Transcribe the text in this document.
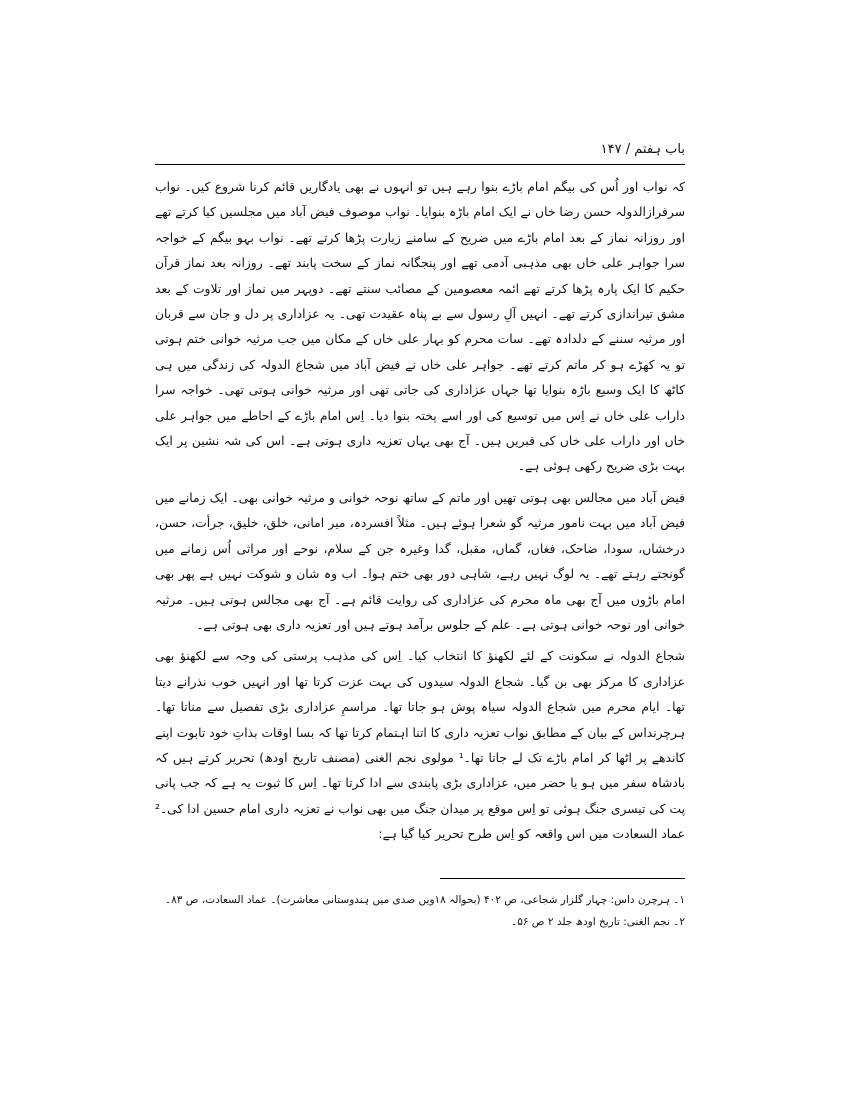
باب ہفتم / ۱۴۷

کہ نواب اور اُس کی بیگم امام باڑے بنوا رہے ہیں تو انہوں نے بھی یادگاریں قائم کرنا شروع کیں۔ نواب سرفرازالدولہ حسن رضا خاں نے ایک امام باڑہ بنوایا۔ نواب موصوف فیض آباد میں مجلسیں کیا کرتے تھے اور روزانہ نماز کے بعد امام باڑے میں ضریح کے سامنے زیارت پڑھا کرتے تھے۔ نواب بہو بیگم کے خواجہ سرا جواہر علی خاں بھی مذہبی آدمی تھے اور پنجگانہ نماز کے سخت پابند تھے۔ روزانہ بعد نماز قرآن حکیم کا ایک پارہ پڑھا کرتے تھے ائمہ معصومین کے مصائب سنتے تھے۔ دوپہر میں نماز اور تلاوت کے بعد مشق تیراندازی کرتے تھے۔ انہیں آلِ رسول سے بے پناہ عقیدت تھی۔ یہ عزاداری پر دل و جان سے قربان اور مرثیہ سننے کے دلدادہ تھے۔ سات محرم کو بہار علی خاں کے مکان میں جب مرثیہ خوانی ختم ہوتی تو یہ کھڑے ہو کر ماتم کرتے تھے۔ جواہر علی خاں نے فیض آباد میں شجاع الدولہ کی زندگی میں ہی کاٹھ کا ایک وسیع باڑہ بنوایا تھا جہاں عزاداری کی جاتی تھی اور مرثیہ خوانی ہوتی تھی۔ خواجہ سرا داراب علی خاں نے اِس میں توسیع کی اور اسے پختہ بنوا دیا۔ اِس امام باڑے کے احاطے میں جواہر علی خاں اور داراب علی خاں کی قبریں ہیں۔ آج بھی یہاں تعزیہ داری ہوتی ہے۔ اس کی شہ نشین پر ایک بہت بڑی ضریح رکھی ہوئی ہے۔

فیض آباد میں مجالس بھی ہوتی تھیں اور ماتم کے ساتھ نوحہ خوانی و مرثیہ خوانی بھی۔ ایک زمانے میں فیض آباد میں بہت نامور مرثیہ گو شعرا ہوئے ہیں۔ مثلاً افسردہ، میر امانی، خلق، خلیق، جرأت، حسن، درخشاں، سودا، ضاحک، فغاں، گماں، مقبل، گدا وغیرہ جن کے سلام، نوحے اور مراثی اُس زمانے میں گونجتے رہتے تھے۔ یہ لوگ نہیں رہے، شاہی دور بھی ختم ہوا۔ اب وہ شان و شوکت نہیں ہے پھر بھی امام باڑوں میں آج بھی ماہ محرم کی عزاداری کی روایت قائم ہے۔ آج بھی مجالس ہوتی ہیں۔ مرثیہ خوانی اور نوحہ خوانی ہوتی ہے۔ علم کے جلوس برآمد ہوتے ہیں اور تعزیہ داری بھی ہوتی ہے۔

شجاع الدولہ نے سکونت کے لئے لکھنؤ کا انتخاب کیا۔ اِس کی مذہب پرستی کی وجہ سے لکھنؤ بھی عزاداری کا مرکز بھی بن گیا۔ شجاع الدولہ سیدوں کی بہت عزت کرتا تھا اور انہیں خوب نذرانے دیتا تھا۔ ایام محرم میں شجاع الدولہ سیاہ پوش ہو جاتا تھا۔ مراسمِ عزاداری بڑی تفصیل سے مناتا تھا۔ ہرچرنداس کے بیان کے مطابق نواب تعزیہ داری کا اتنا اہتمام کرتا تھا کہ بسا اوقات بذاتِ خود تابوت اپنے کاندھے پر اٹھا کر امام باڑے تک لے جاتا تھا۔¹ مولوی نجم الغنی (مصنف تاریخ اودھ) تحریر کرتے ہیں کہ بادشاہ سفر میں ہو یا حضر میں، عزاداری بڑی پابندی سے ادا کرتا تھا۔ اِس کا ثبوت یہ ہے کہ جب پانی پت کی تیسری جنگ ہوئی تو اِس موقع پر میدان جنگ میں بھی نواب نے تعزیہ داری امام حسین ادا کی۔² عماد السعادت میں اس واقعہ کو اِس طرح تحریر کیا گیا ہے:

۱۔ ہرچرن داس: چہار گلزار شجاعی، ص ۴۰۲ (بحوالہ ۱۸ویں صدی میں ہندوستانی معاشرت)۔ عماد السعادت، ص ۸۳۔

۲۔ نجم الغنی: تاریخ اودھ جلد ۲ ص ۵۶۔
